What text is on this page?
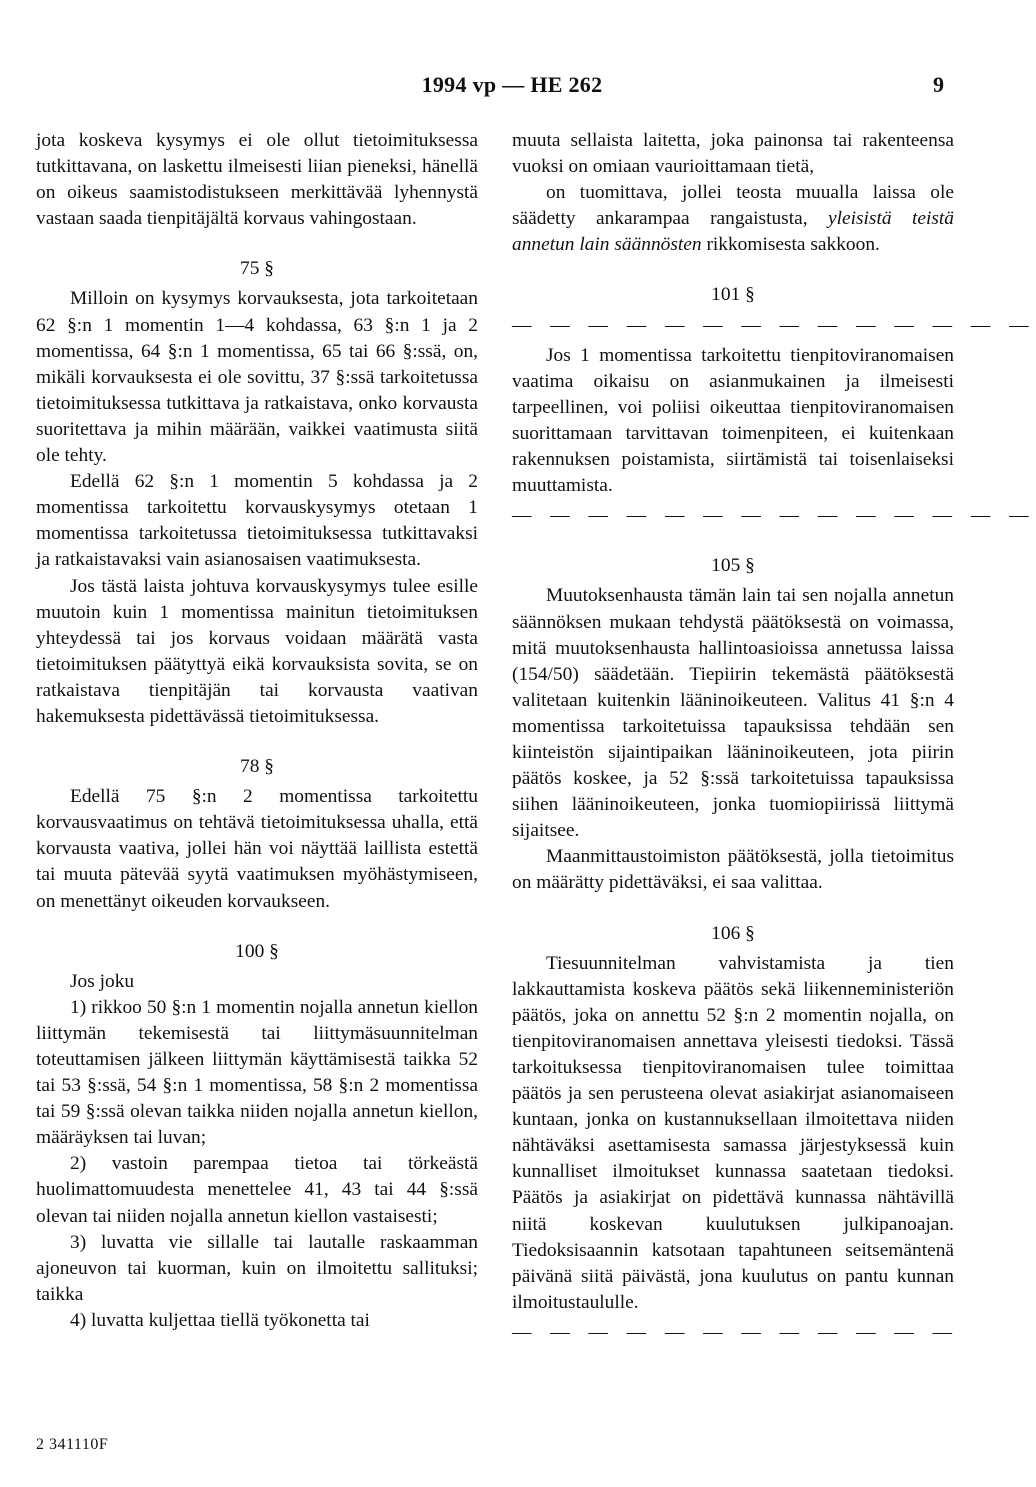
1994 vp — HE 262	9

jota koskeva kysymys ei ole ollut tietoimituksessa tutkittavana, on laskettu ilmeisesti liian pieneksi, hänellä on oikeus saamistodistukseen merkittävää lyhennystä vastaan saada tienpitäjältä korvaus vahingostaan.

75 §

Milloin on kysymys korvauksesta, jota tarkoitetaan 62 §:n 1 momentin 1—4 kohdassa, 63 §:n 1 ja 2 momentissa, 64 §:n 1 momentissa, 65 tai 66 §:ssä, on, mikäli korvauksesta ei ole sovittu, 37 §:ssä tarkoitetussa tietoimituksessa tutkittava ja ratkaistava, onko korvausta suoritettava ja mihin määrään, vaikkei vaatimusta siitä ole tehty.

Edellä 62 §:n 1 momentin 5 kohdassa ja 2 momentissa tarkoitettu korvauskysymys otetaan 1 momentissa tarkoitetussa tietoimituksessa tutkittavaksi ja ratkaistavaksi vain asianosaisen vaatimuksesta.

Jos tästä laista johtuva korvauskysymys tulee esille muutoin kuin 1 momentissa mainitun tietoimituksen yhteydessä tai jos korvaus voidaan määrätä vasta tietoimituksen päätyttyä eikä korvauksista sovita, se on ratkaistava tienpitäjän tai korvausta vaativan hakemuksesta pidettävässä tietoimituksessa.

78 §

Edellä 75 §:n 2 momentissa tarkoitettu korvausvaatimus on tehtävä tietoimituksessa uhalla, että korvausta vaativa, jollei hän voi näyttää laillista estettä tai muuta pätevää syytä vaatimuksen myöhästymiseen, on menettänyt oikeuden korvaukseen.

100 §

Jos joku

1) rikkoo 50 §:n 1 momentin nojalla annetun kiellon liittymän tekemisestä tai liittymäsuunnitelman toteuttamisen jälkeen liittymän käyttämisestä taikka 52 tai 53 §:ssä, 54 §:n 1 momentissa, 58 §:n 2 momentissa tai 59 §:ssä olevan taikka niiden nojalla annetun kiellon, määräyksen tai luvan;

2) vastoin parempaa tietoa tai törkeästä huolimattomuudesta menettelee 41, 43 tai 44 §:ssä olevan tai niiden nojalla annetun kiellon vastaisesti;

3) luvatta vie sillalle tai lautalle raskaamman ajoneuvon tai kuorman, kuin on ilmoitettu sallituksi; taikka

4) luvatta kuljettaa tiellä työkonetta tai

muuta sellaista laitetta, joka painonsa tai rakenteensa vuoksi on omiaan vaurioittamaan tietä,

on tuomittava, jollei teosta muualla laissa ole säädetty ankarampaa rangaistusta, yleisistä teistä annetun lain säännösten rikkomisesta sakkoon.

101 §
— — — — — — — — — — — — — —

Jos 1 momentissa tarkoitettu tienpitoviranomaisen vaatima oikaisu on asianmukainen ja ilmeisesti tarpeellinen, voi poliisi oikeuttaa tienpitoviranomaisen suorittamaan tarvittavan toimenpiteen, ei kuitenkaan rakennuksen poistamista, siirtämistä tai toisenlaiseksi muuttamista.

— — — — — — — — — — — — — —
105 §

Muutoksenhausta tämän lain tai sen nojalla annetun säännöksen mukaan tehdystä päätöksestä on voimassa, mitä muutoksenhausta hallintoasioissa annetussa laissa (154/50) säädetään. Tiepiirin tekemästä päätöksestä valitetaan kuitenkin lääninoikeuteen. Valitus 41 §:n 4 momentissa tarkoitetuissa tapauksissa tehdään sen kiinteistön sijaintipaikan lääninoikeuteen, jota piirin päätös koskee, ja 52 §:ssä tarkoitetuissa tapauksissa siihen lääninoikeuteen, jonka tuomiopiirissä liittymä sijaitsee.

Maanmittaustoimiston päätöksestä, jolla tietoimitus on määrätty pidettäväksi, ei saa valittaa.

106 §

Tiesuunnitelman vahvistamista ja tien lakkauttamista koskeva päätös sekä liikenneministeriön päätös, joka on annettu 52 §:n 2 momentin nojalla, on tienpitoviranomaisen annettava yleisesti tiedoksi. Tässä tarkoituksessa tienpitoviranomaisen tulee toimittaa päätös ja sen perusteena olevat asiakirjat asianomaiseen kuntaan, jonka on kustannuksellaan ilmoitettava niiden nähtäväksi asettamisesta samassa järjestyksessä kuin kunnalliset ilmoitukset kunnassa saatetaan tiedoksi. Päätös ja asiakirjat on pidettävä kunnassa nähtävillä niitä koskevan kuulutuksen julkipanoajan. Tiedoksisaannin katsotaan tapahtuneen seitsemäntenä päivänä siitä päivästä, jona kuulutus on pantu kunnan ilmoitustaululle.

— — — — — — — — — — — —
2 341110F
